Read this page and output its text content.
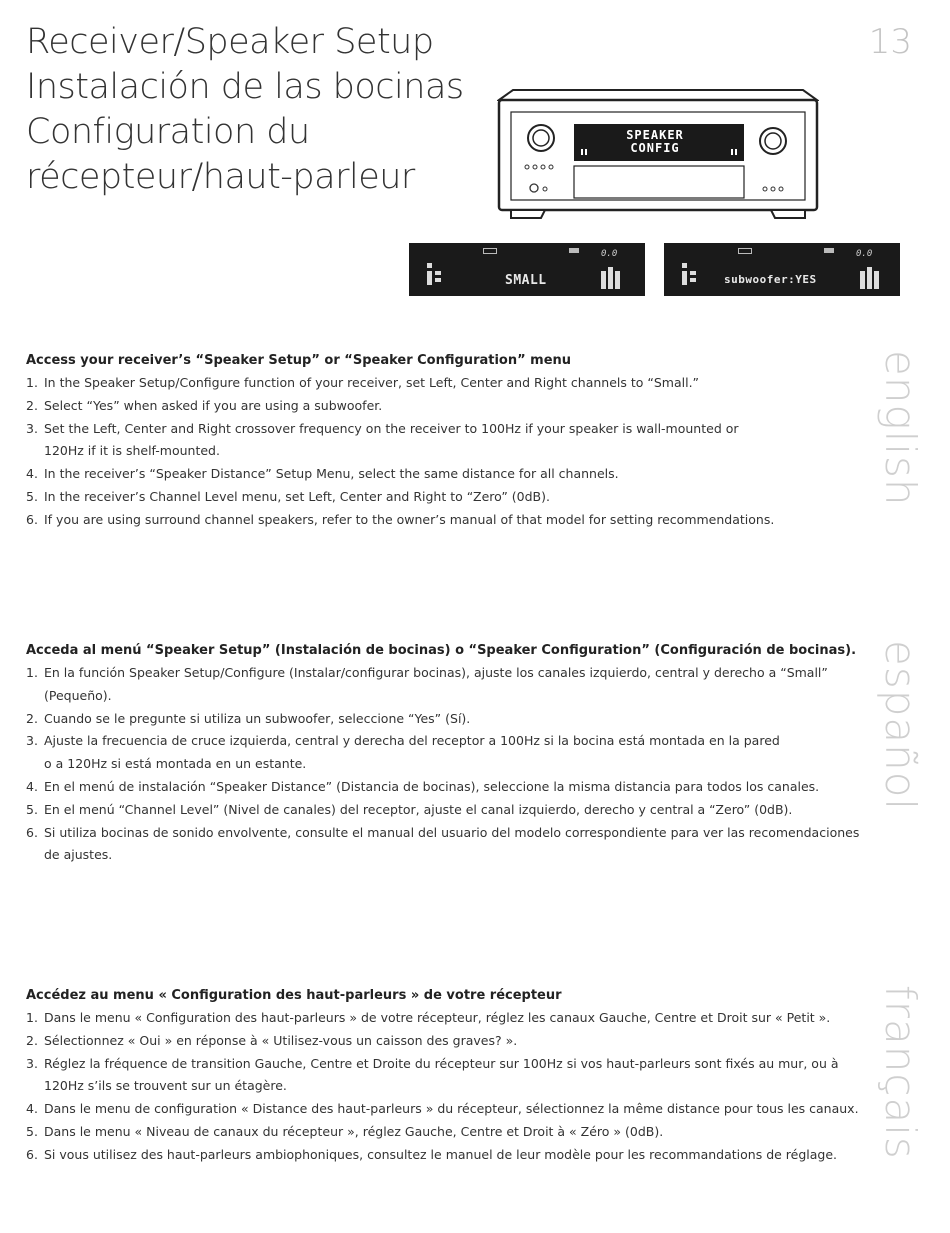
Receiver/Speaker Setup
Instalación de las bocinas
Configuration du
récepteur/haut-parleur
13
SPEAKER
CONFIG
0.0
SMALL
0.0
subwoofer:YES
Access your receiver’s “Speaker Setup” or “Speaker Configuration” menu
1. In the Speaker Setup/Configure function of your receiver, set Left, Center and Right channels to “Small.”
2. Select “Yes” when asked if you are using a subwoofer.
3. Set the Left, Center and Right crossover frequency on the receiver to 100Hz if your speaker is wall-mounted or 120Hz if it is shelf-mounted.
4. In the receiver’s “Speaker Distance” Setup Menu, select the same distance for all channels.
5. In the receiver’s Channel Level menu, set Left, Center and Right to “Zero” (0dB).
6. If you are using surround channel speakers, refer to the owner’s manual of that model for setting recommendations.
english
Acceda al menú “Speaker Setup” (Instalación de bocinas) o “Speaker Configuration” (Configuración de bocinas).
1. En la función Speaker Setup/Configure (Instalar/configurar bocinas), ajuste los canales izquierdo, central y derecho a “Small” (Pequeño).
2. Cuando se le pregunte si utiliza un subwoofer, seleccione “Yes” (Sí).
3. Ajuste la frecuencia de cruce izquierda, central y derecha del receptor a 100Hz si la bocina está montada en la pared o a 120Hz si está montada en un estante.
4. En el menú de instalación “Speaker Distance” (Distancia de bocinas), seleccione la misma distancia para todos los canales.
5. En el menú “Channel Level” (Nivel de canales) del receptor, ajuste el canal izquierdo, derecho y central a “Zero” (0dB).
6. Si utiliza bocinas de sonido envolvente, consulte el manual del usuario del modelo correspondiente para ver las recomendaciones de ajustes.
español
Accédez au menu « Configuration des haut-parleurs » de votre récepteur
1. Dans le menu « Configuration des haut-parleurs » de votre récepteur, réglez les canaux Gauche, Centre et Droit sur « Petit ».
2. Sélectionnez « Oui » en réponse à « Utilisez-vous un caisson des graves? ».
3. Réglez la fréquence de transition Gauche, Centre et Droite du récepteur sur 100Hz si vos haut-parleurs sont fixés au mur, ou à 120Hz s’ils se trouvent sur un étagère.
4. Dans le menu de configuration « Distance des haut-parleurs » du récepteur, sélectionnez la même distance pour tous les canaux.
5. Dans le menu « Niveau de canaux du récepteur », réglez Gauche, Centre et Droit à « Zéro » (0dB).
6. Si vous utilisez des haut-parleurs ambiophoniques, consultez le manuel de leur modèle pour les recommandations de réglage. français
